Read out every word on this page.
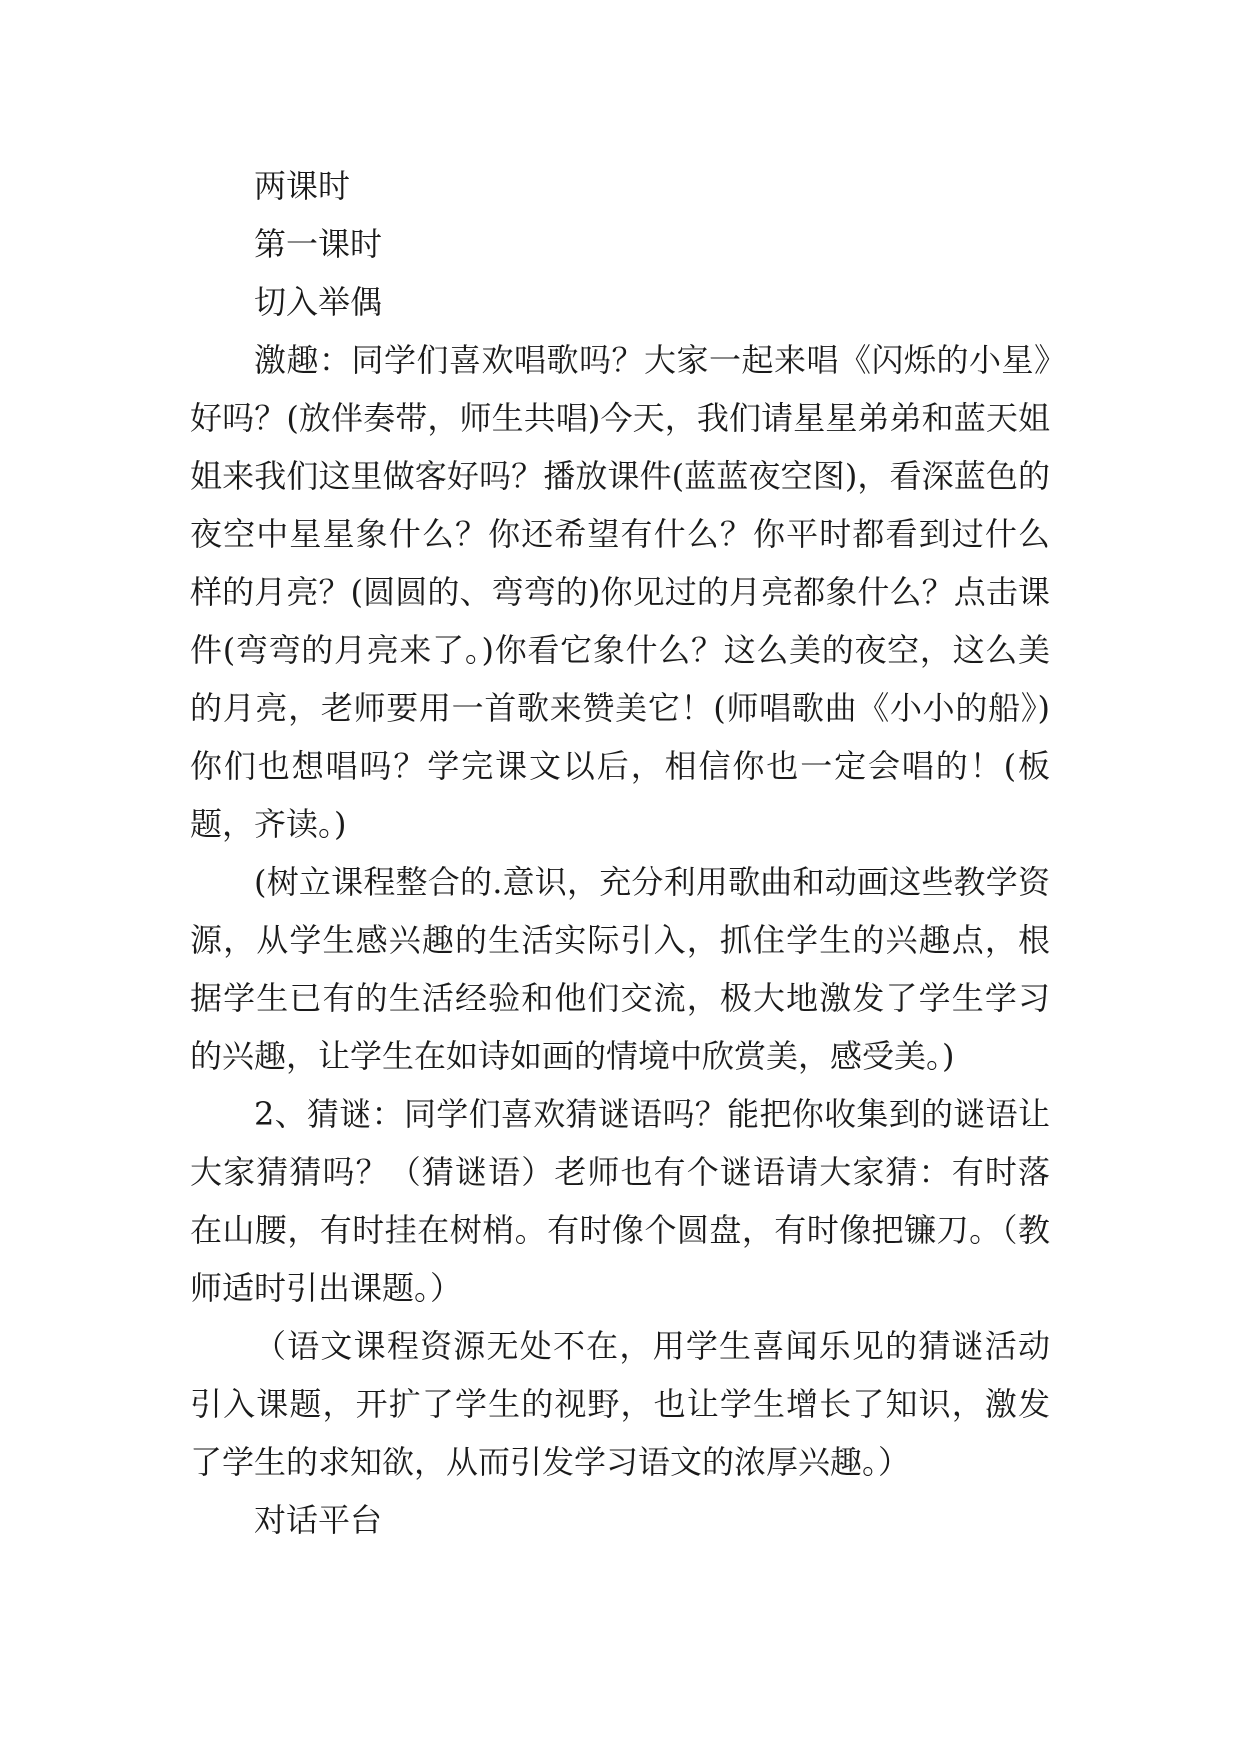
两课时

第一课时

切入举偶

激趣：同学们喜欢唱歌吗？大家一起来唱《闪烁的小星》好吗？(放伴奏带，师生共唱)今天，我们请星星弟弟和蓝天姐姐来我们这里做客好吗？播放课件(蓝蓝夜空图)，看深蓝色的夜空中星星象什么？你还希望有什么？你平时都看到过什么样的月亮？(圆圆的、弯弯的)你见过的月亮都象什么？点击课件(弯弯的月亮来了。)你看它象什么？这么美的夜空，这么美的月亮，老师要用一首歌来赞美它！(师唱歌曲《小小的船》)你们也想唱吗？学完课文以后，相信你也一定会唱的！(板题，齐读。)

(树立课程整合的.意识，充分利用歌曲和动画这些教学资源，从学生感兴趣的生活实际引入，抓住学生的兴趣点，根据学生已有的生活经验和他们交流，极大地激发了学生学习的兴趣，让学生在如诗如画的情境中欣赏美，感受美。)

2、猜谜：同学们喜欢猜谜语吗？能把你收集到的谜语让大家猜猜吗？（猜谜语）老师也有个谜语请大家猜：有时落在山腰，有时挂在树梢。有时像个圆盘，有时像把镰刀。（教师适时引出课题。）

（语文课程资源无处不在，用学生喜闻乐见的猜谜活动引入课题，开扩了学生的视野，也让学生增长了知识，激发了学生的求知欲，从而引发学习语文的浓厚兴趣。）

对话平台
